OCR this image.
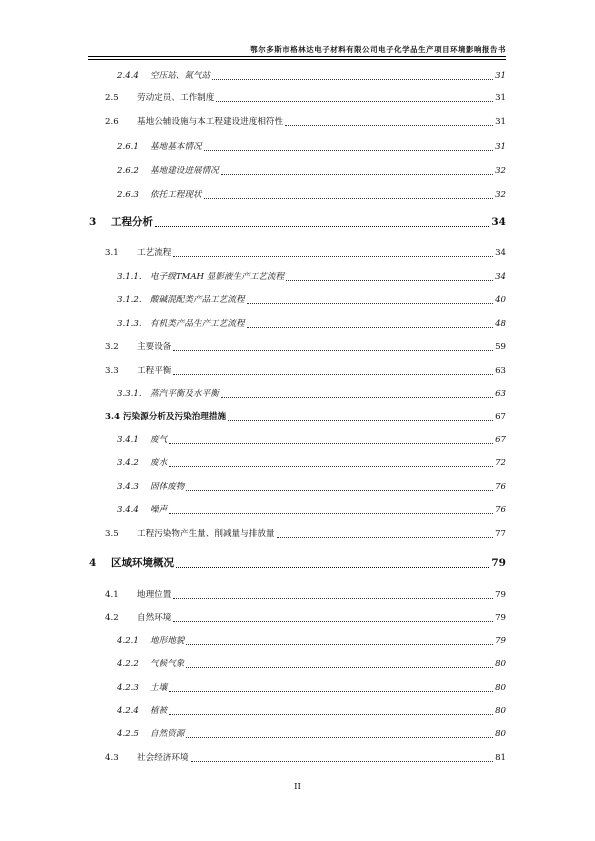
鄂尔多斯市格林达电子材料有限公司电子化学品生产项目环境影响报告书
2.4.4	空压站、氮气站	31
2.5	劳动定员、工作制度	31
2.6	基地公辅设施与本工程建设进度相符性	31
2.6.1	基地基本情况	31
2.6.2	基地建设进展情况	32
2.6.3	依托工程现状	32
3	工程分析	34
3.1	工艺流程	34
3.1.1. 电子级TMAH 显影液生产工艺流程	34
3.1.2. 酸碱混配类产品工艺流程	40
3.1.3. 有机类产品生产工艺流程	48
3.2	主要设备	59
3.3	工程平衡	63
3.3.1. 蒸汽平衡及水平衡	63
3.4 污染源分析及污染治理措施	67
3.4.1	废气	67
3.4.2	废水	72
3.4.3	固体废物	76
3.4.4	噪声	76
3.5	工程污染物产生量、削减量与排放量	77
4	区域环境概况	79
4.1	地理位置	79
4.2	自然环境	79
4.2.1	地形地貌	79
4.2.2	气候气象	80
4.2.3	土壤	80
4.2.4	植被	80
4.2.5	自然资源	80
4.3	社会经济环境	81
II
